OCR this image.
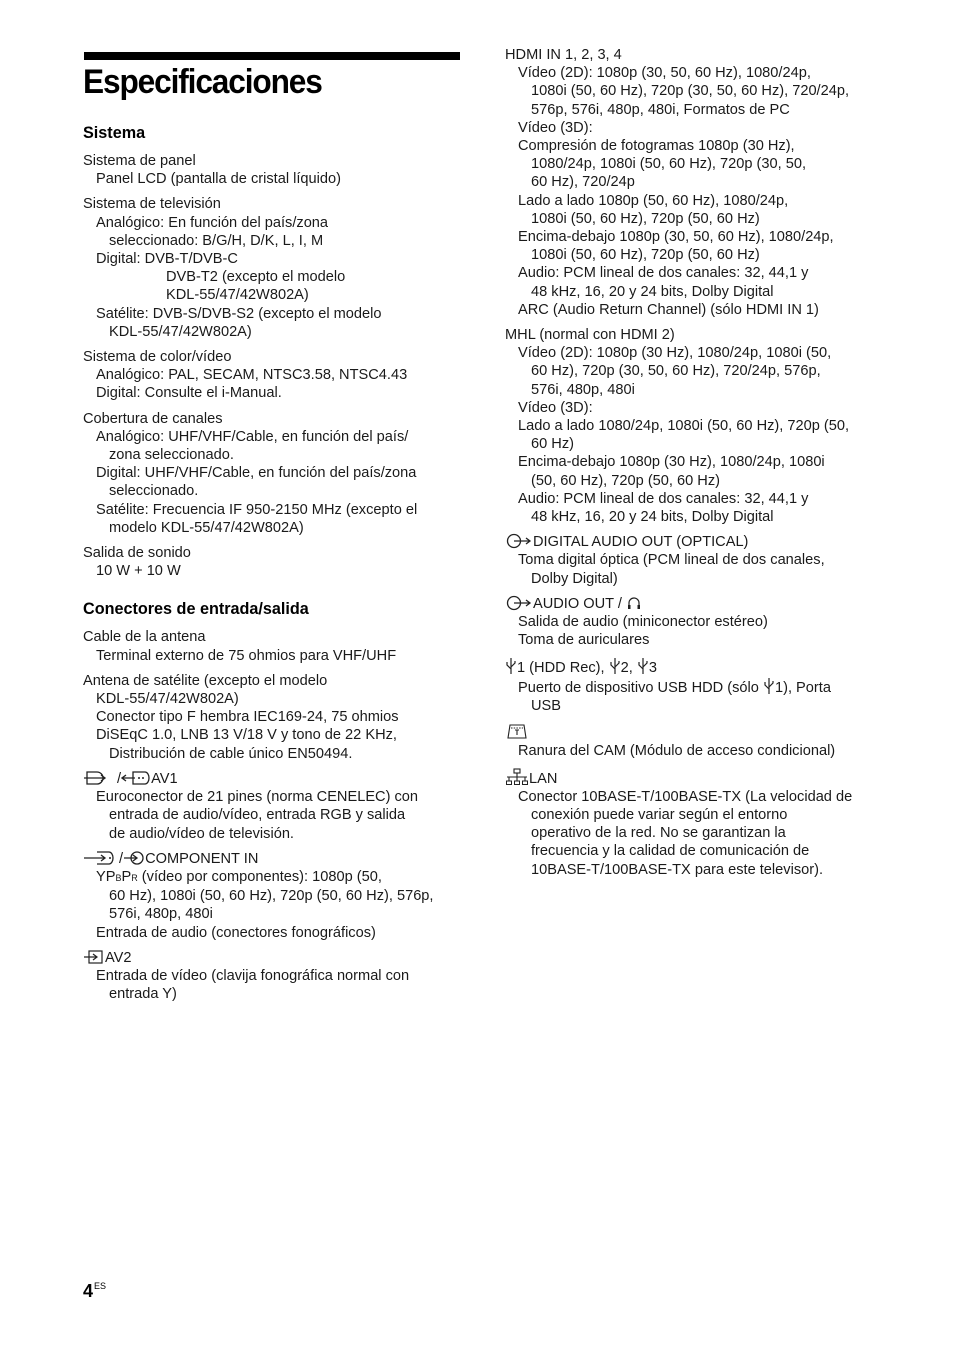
Especificaciones
Sistema
Sistema de panel
Panel LCD (pantalla de cristal líquido)
Sistema de televisión
Analógico: En función del país/zona
seleccionado: B/G/H, D/K, L, I, M
Digital: DVB-T/DVB-C
DVB-T2 (excepto el modelo
KDL-55/47/42W802A)
Satélite: DVB-S/DVB-S2 (excepto el modelo
KDL-55/47/42W802A)
Sistema de color/vídeo
Analógico: PAL, SECAM, NTSC3.58, NTSC4.43
Digital: Consulte el i-Manual.
Cobertura de canales
Analógico: UHF/VHF/Cable, en función del país/
zona seleccionado.
Digital: UHF/VHF/Cable, en función del país/zona
seleccionado.
Satélite: Frecuencia IF 950-2150 MHz (excepto el
modelo KDL-55/47/42W802A)
Salida de sonido
10 W + 10 W
Conectores de entrada/salida
Cable de la antena
Terminal externo de 75 ohmios para VHF/UHF
Antena de satélite (excepto el modelo
KDL-55/47/42W802A)
Conector tipo F hembra IEC169-24, 75 ohmios
DiSEqC 1.0, LNB 13 V/18 V y tono de 22 KHz,
Distribución de cable único EN50494.
/ AV1
Euroconector de 21 pines (norma CENELEC) con
entrada de audio/vídeo, entrada RGB y salida
de audio/vídeo de televisión.
/ COMPONENT IN
YPBPR (vídeo por componentes): 1080p (50,
60 Hz), 1080i (50, 60 Hz), 720p (50, 60 Hz), 576p,
576i, 480p, 480i
Entrada de audio (conectores fonográficos)
AV2
Entrada de vídeo (clavija fonográfica normal con
entrada Y)
HDMI IN 1, 2, 3, 4
Vídeo (2D): 1080p (30, 50, 60 Hz), 1080/24p,
1080i (50, 60 Hz), 720p (30, 50, 60 Hz), 720/24p,
576p, 576i, 480p, 480i, Formatos de PC
Vídeo (3D):
Compresión de fotogramas 1080p (30 Hz),
1080/24p, 1080i (50, 60 Hz), 720p (30, 50,
60 Hz), 720/24p
Lado a lado 1080p (50, 60 Hz), 1080/24p,
1080i (50, 60 Hz), 720p (50, 60 Hz)
Encima-debajo 1080p (30, 50, 60 Hz), 1080/24p,
1080i (50, 60 Hz), 720p (50, 60 Hz)
Audio: PCM lineal de dos canales: 32, 44,1 y
48 kHz, 16, 20 y 24 bits, Dolby Digital
ARC (Audio Return Channel) (sólo HDMI IN 1)
MHL (normal con HDMI 2)
Vídeo (2D): 1080p (30 Hz), 1080/24p, 1080i (50,
60 Hz), 720p (30, 50, 60 Hz), 720/24p, 576p,
576i, 480p, 480i
Vídeo (3D):
Lado a lado 1080/24p, 1080i (50, 60 Hz), 720p (50,
60 Hz)
Encima-debajo 1080p (30 Hz), 1080/24p, 1080i
(50, 60 Hz), 720p (50, 60 Hz)
Audio: PCM lineal de dos canales: 32, 44,1 y
48 kHz, 16, 20 y 24 bits, Dolby Digital
DIGITAL AUDIO OUT (OPTICAL)
Toma digital óptica (PCM lineal de dos canales,
Dolby Digital)
AUDIO OUT /
Salida de audio (miniconector estéreo)
Toma de auriculares
1 (HDD Rec), 2, 3
Puerto de dispositivo USB HDD (sólo 1), Porta
USB
Ranura del CAM (Módulo de acceso condicional)
LAN
Conector 10BASE-T/100BASE-TX (La velocidad de
conexión puede variar según el entorno
operativo de la red. No se garantizan la
frecuencia y la calidad de comunicación de
10BASE-T/100BASE-TX para este televisor).
$4^{ES}$
